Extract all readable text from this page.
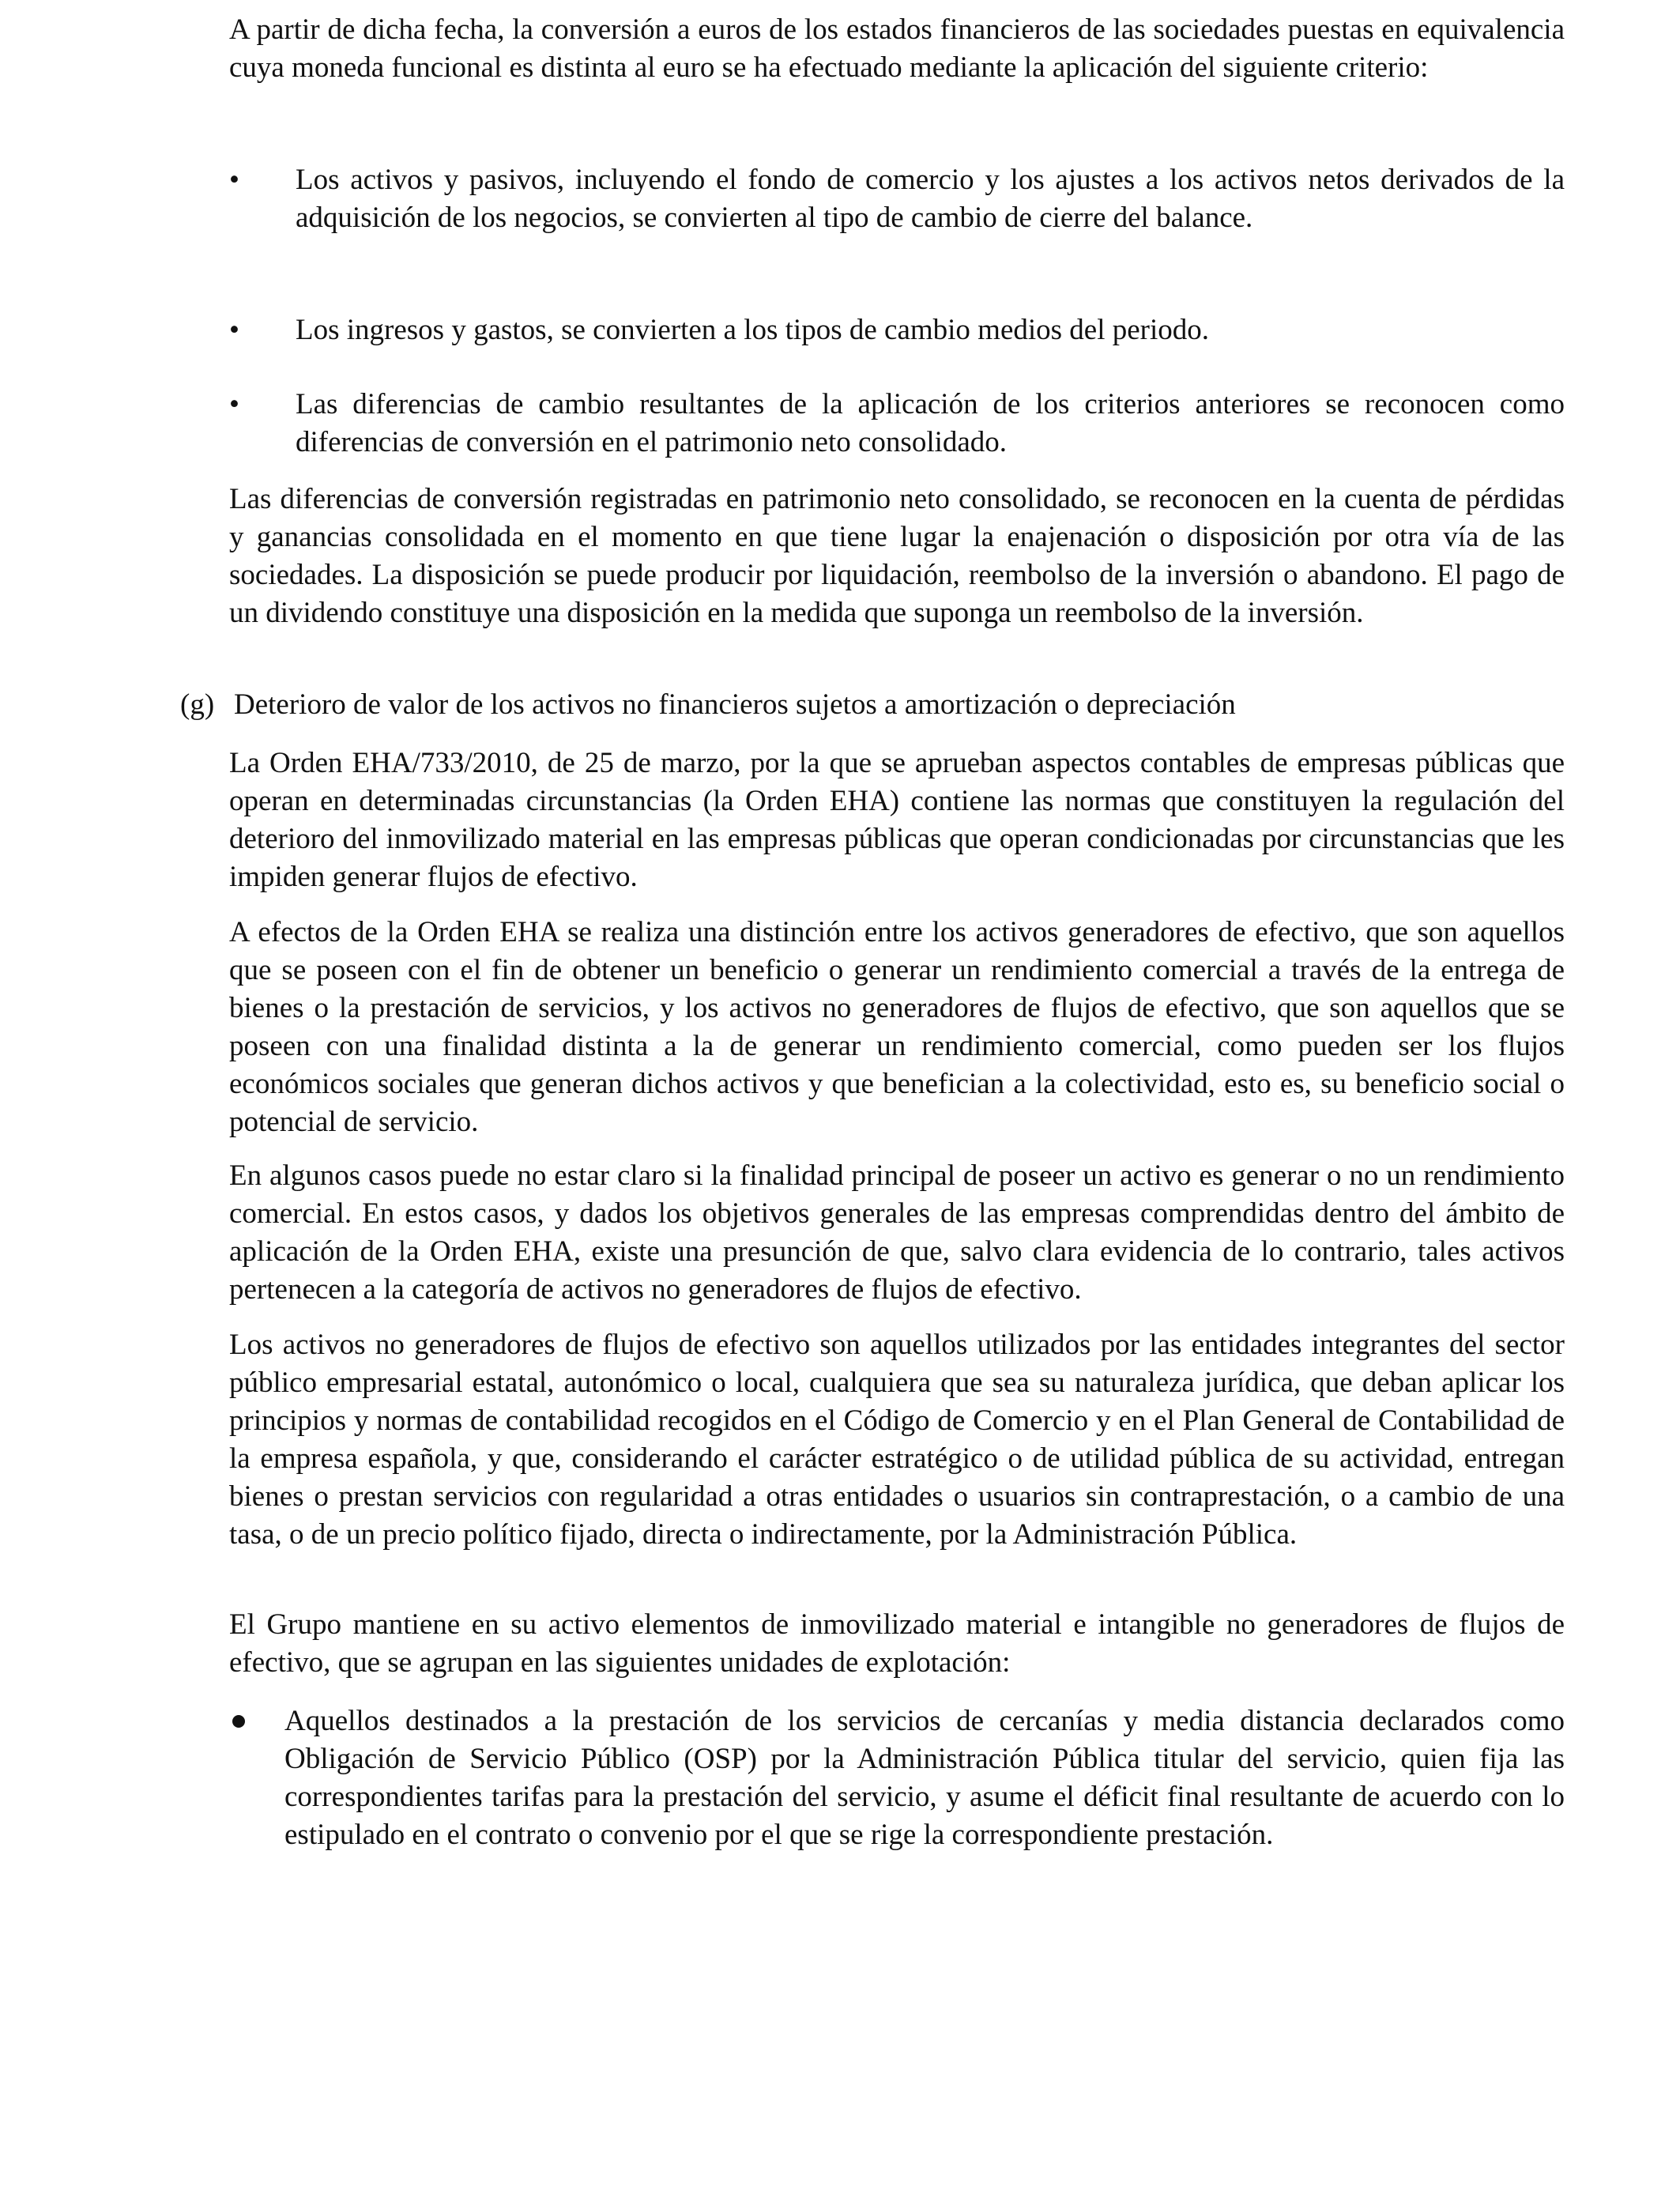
A partir de dicha fecha, la conversión a euros de los estados financieros de las sociedades puestas en equivalencia cuya moneda funcional es distinta al euro se ha efectuado mediante la aplicación del siguiente criterio:

• Los activos y pasivos, incluyendo el fondo de comercio y los ajustes a los activos netos derivados de la adquisición de los negocios, se convierten al tipo de cambio de cierre del balance.

• Los ingresos y gastos, se convierten a los tipos de cambio medios del periodo.

• Las diferencias de cambio resultantes de la aplicación de los criterios anteriores se reconocen como diferencias de conversión en el patrimonio neto consolidado.

Las diferencias de conversión registradas en patrimonio neto consolidado, se reconocen en la cuenta de pérdidas y ganancias consolidada en el momento en que tiene lugar la enajenación o disposición por otra vía de las sociedades. La disposición se puede producir por liquidación, reembolso de la inversión o abandono. El pago de un dividendo constituye una disposición en la medida que suponga un reembolso de la inversión.

(g) Deterioro de valor de los activos no financieros sujetos a amortización o depreciación

La Orden EHA/733/2010, de 25 de marzo, por la que se aprueban aspectos contables de empresas públicas que operan en determinadas circunstancias (la Orden EHA) contiene las normas que constituyen la regulación del deterioro del inmovilizado material en las empresas públicas que operan condicionadas por circunstancias que les impiden generar flujos de efectivo.

A efectos de la Orden EHA se realiza una distinción entre los activos generadores de efectivo, que son aquellos que se poseen con el fin de obtener un beneficio o generar un rendimiento comercial a través de la entrega de bienes o la prestación de servicios, y los activos no generadores de flujos de efectivo, que son aquellos que se poseen con una finalidad distinta a la de generar un rendimiento comercial, como pueden ser los flujos económicos sociales que generan dichos activos y que benefician a la colectividad, esto es, su beneficio social o potencial de servicio.

En algunos casos puede no estar claro si la finalidad principal de poseer un activo es generar o no un rendimiento comercial. En estos casos, y dados los objetivos generales de las empresas comprendidas dentro del ámbito de aplicación de la Orden EHA, existe una presunción de que, salvo clara evidencia de lo contrario, tales activos pertenecen a la categoría de activos no generadores de flujos de efectivo.

Los activos no generadores de flujos de efectivo son aquellos utilizados por las entidades integrantes del sector público empresarial estatal, autonómico o local, cualquiera que sea su naturaleza jurídica, que deban aplicar los principios y normas de contabilidad recogidos en el Código de Comercio y en el Plan General de Contabilidad de la empresa española, y que, considerando el carácter estratégico o de utilidad pública de su actividad, entregan bienes o prestan servicios con regularidad a otras entidades o usuarios sin contraprestación, o a cambio de una tasa, o de un precio político fijado, directa o indirectamente, por la Administración Pública.

El Grupo mantiene en su activo elementos de inmovilizado material e intangible no generadores de flujos de efectivo, que se agrupan en las siguientes unidades de explotación:

Aquellos destinados a la prestación de los servicios de cercanías y media distancia declarados como Obligación de Servicio Público (OSP) por la Administración Pública titular del servicio, quien fija las correspondientes tarifas para la prestación del servicio, y asume el déficit final resultante de acuerdo con lo estipulado en el contrato o convenio por el que se rige la correspondiente prestación.
